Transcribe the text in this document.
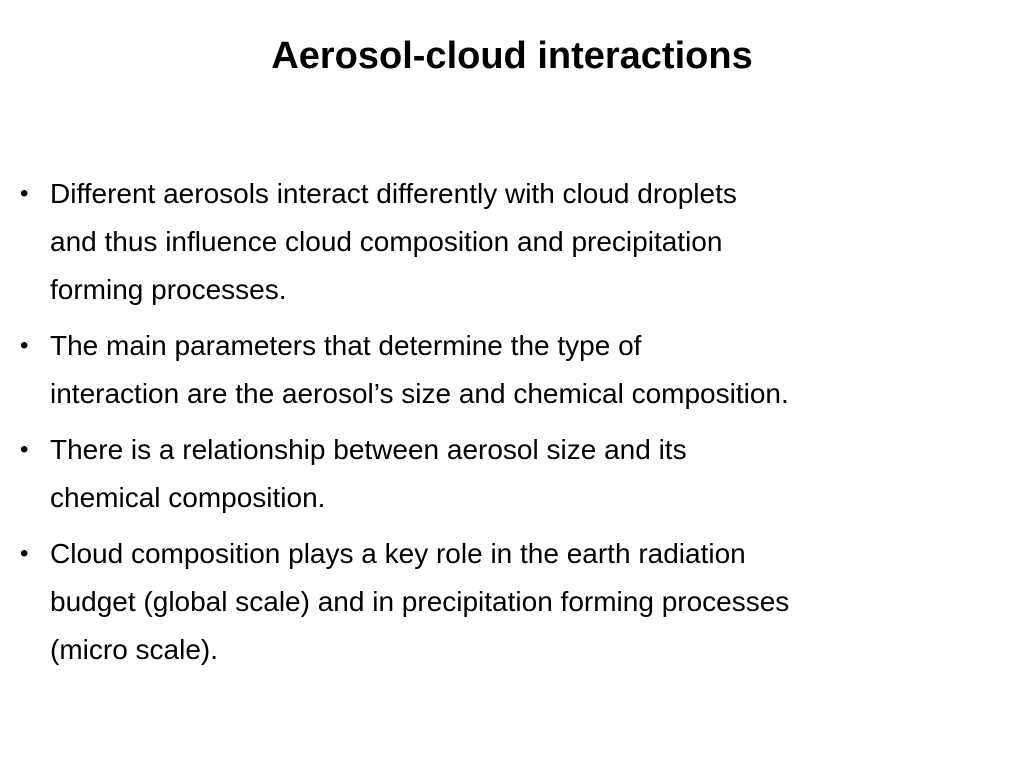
Aerosol-cloud interactions
• Different aerosols interact differently with cloud droplets
and thus influence cloud composition and precipitation
forming processes.
• The main parameters that determine the type of
interaction are the aerosol’s size and chemical composition.
• There is a relationship between aerosol size and its
chemical composition.
• Cloud composition plays a key role in the earth radiation
budget (global scale) and in precipitation forming processes
(micro scale).
